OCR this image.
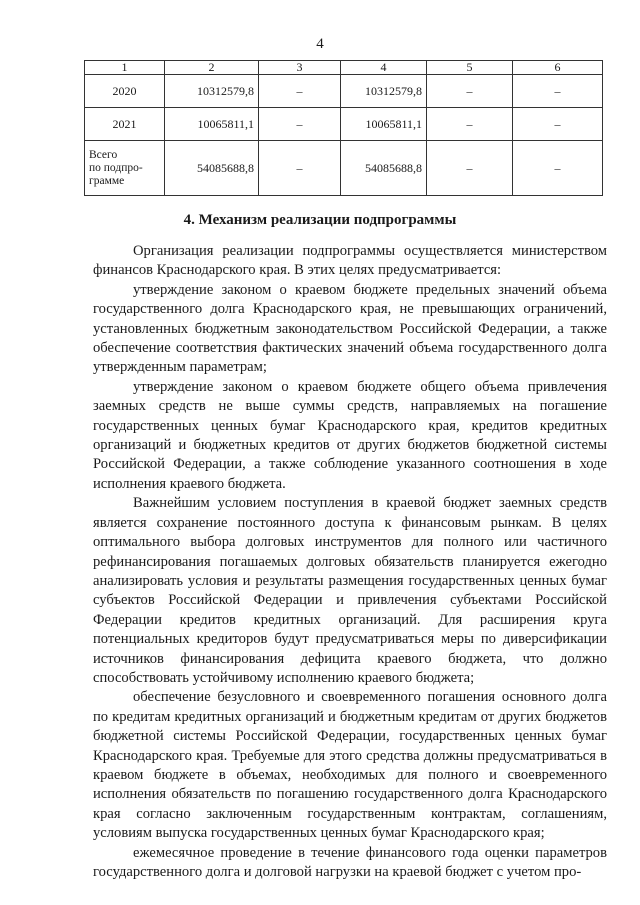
4
1	2	3	4	5	6
2020	10312579,8	–	10312579,8	–	–
2021	10065811,1	–	10065811,1	–	–

Всего
по подпро-
грамме	54085688,8	–	54085688,8	–	–
4. Механизм реализации подпрограммы

Организация реализации подпрограммы осуществляется министерством финансов Краснодарского края. В этих целях предусматривается:

утверждение законом о краевом бюджете предельных значений объема государственного долга Краснодарского края, не превышающих ограничений, установленных бюджетным законодательством Российской Федерации, а также обеспечение соответствия фактических значений объема государственного долга утвержденным параметрам;

утверждение законом о краевом бюджете общего объема привлечения заемных средств не выше суммы средств, направляемых на погашение государственных ценных бумаг Краснодарского края, кредитов кредитных организаций и бюджетных кредитов от других бюджетов бюджетной системы Российской Федерации, а также соблюдение указанного соотношения в ходе исполнения краевого бюджета.

Важнейшим условием поступления в краевой бюджет заемных средств является сохранение постоянного доступа к финансовым рынкам. В целях оптимального выбора долговых инструментов для полного или частичного рефинансирования погашаемых долговых обязательств планируется ежегодно анализировать условия и результаты размещения государственных ценных бумаг субъектов Российской Федерации и привлечения субъектами Российской Федерации кредитов кредитных организаций. Для расширения круга потенциальных кредиторов будут предусматриваться меры по диверсификации источников финансирования дефицита краевого бюджета, что должно способствовать устойчивому исполнению краевого бюджета;

обеспечение безусловного и своевременного погашения основного долга по кредитам кредитных организаций и бюджетным кредитам от других бюджетов бюджетной системы Российской Федерации, государственных ценных бумаг Краснодарского края. Требуемые для этого средства должны предусматриваться в краевом бюджете в объемах, необходимых для полного и своевременного исполнения обязательств по погашению государственного долга Краснодарского края согласно заключенным государственным контрактам, соглашениям, условиям выпуска государственных ценных бумаг Краснодарского края;

ежемесячное проведение в течение финансового года оценки параметров государственного долга и долговой нагрузки на краевой бюджет с учетом про-
